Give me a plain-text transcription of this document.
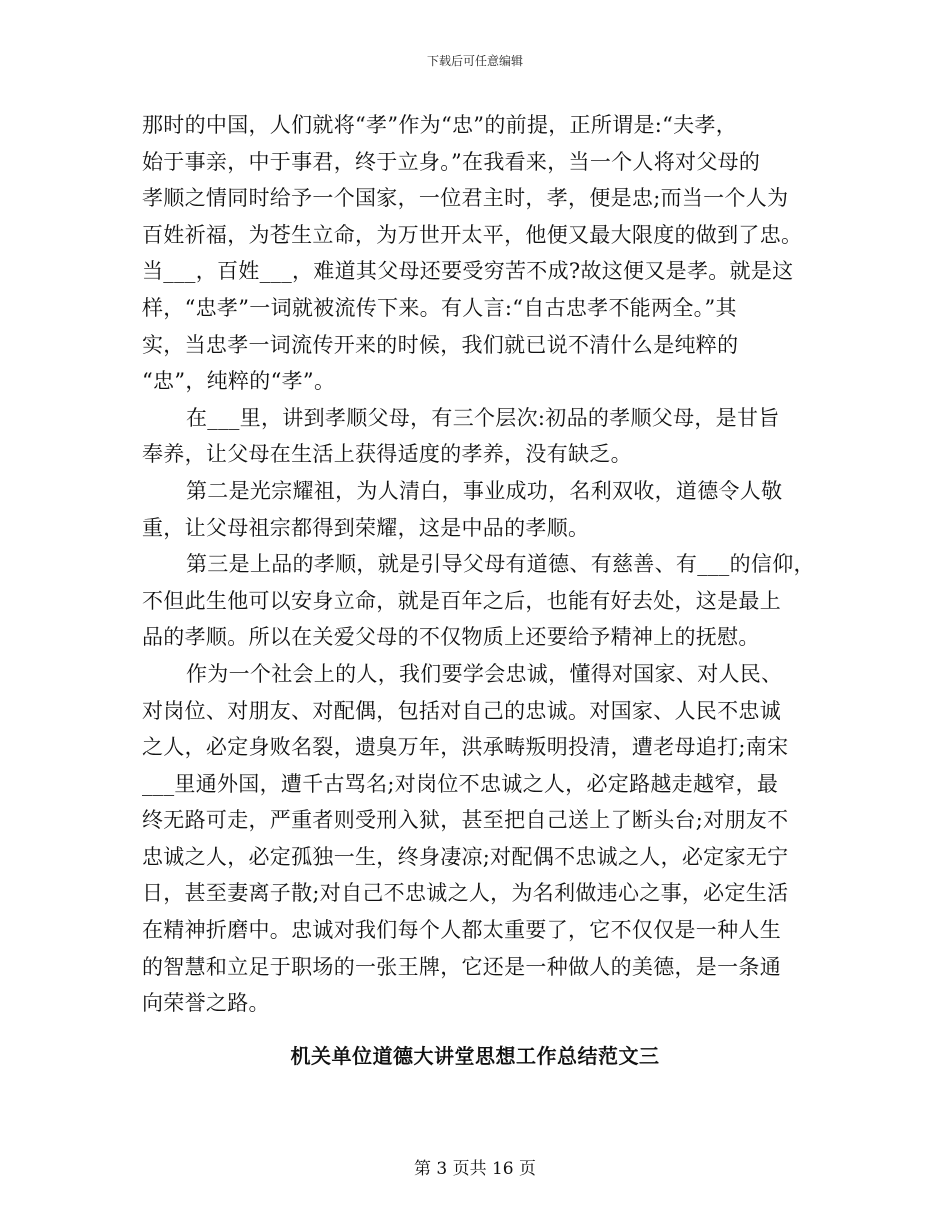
下载后可任意编辑
那时的中国，人们就将“孝”作为“忠”的前提，正所谓是:“夫孝，
始于事亲，中于事君，终于立身。”在我看来，当一个人将对父母的
孝顺之情同时给予一个国家，一位君主时，孝，便是忠;而当一个人为
百姓祈福，为苍生立命，为万世开太平，他便又最大限度的做到了忠。
当___，百姓___，难道其父母还要受穷苦不成?故这便又是孝。就是这
样，“忠孝”一词就被流传下来。有人言:“自古忠孝不能两全。”其
实，当忠孝一词流传开来的时候，我们就已说不清什么是纯粹的
“忠”，纯粹的“孝”。
在___里，讲到孝顺父母，有三个层次:初品的孝顺父母，是甘旨
奉养，让父母在生活上获得适度的孝养，没有缺乏。
第二是光宗耀祖，为人清白，事业成功，名利双收，道德令人敬
重，让父母祖宗都得到荣耀，这是中品的孝顺。
第三是上品的孝顺，就是引导父母有道德、有慈善、有___的信仰，
不但此生他可以安身立命，就是百年之后，也能有好去处，这是最上
品的孝顺。所以在关爱父母的不仅物质上还要给予精神上的抚慰。
作为一个社会上的人，我们要学会忠诚，懂得对国家、对人民、
对岗位、对朋友、对配偶，包括对自己的忠诚。对国家、人民不忠诚
之人，必定身败名裂，遗臭万年，洪承畴叛明投清，遭老母追打;南宋
___里通外国，遭千古骂名;对岗位不忠诚之人，必定路越走越窄，最
终无路可走，严重者则受刑入狱，甚至把自己送上了断头台;对朋友不
忠诚之人，必定孤独一生，终身凄凉;对配偶不忠诚之人，必定家无宁
日，甚至妻离子散;对自己不忠诚之人，为名利做违心之事，必定生活
在精神折磨中。忠诚对我们每个人都太重要了，它不仅仅是一种人生
的智慧和立足于职场的一张王牌，它还是一种做人的美德，是一条通
向荣誉之路。
机关单位道德大讲堂思想工作总结范文三
第 3 页共 16 页
